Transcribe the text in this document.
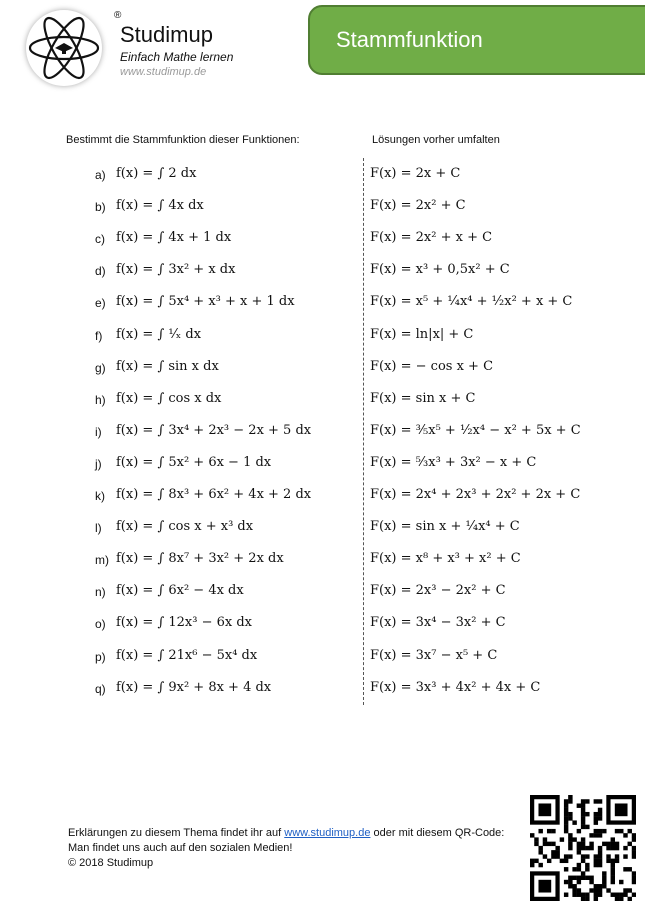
®
Studimup
Einfach Mathe lernen
www.studimup.de
Stammfunktion
Bestimmt die Stammfunktion dieser Funktionen:	Lösungen vorher umfalten
a) f(x) = ∫ 2 dx	F(x) = 2x + C
b) f(x) = ∫ 4x dx	F(x) = 2x² + C
c) f(x) = ∫ 4x + 1 dx	F(x) = 2x² + x + C
d) f(x) = ∫ 3x² + x dx	F(x) = x³ + 0,5x² + C
e) f(x) = ∫ 5x⁴ + x³ + x + 1 dx	F(x) = x⁵ + ¹⁄₄x⁴ + ¹⁄₂x² + x + C
f) f(x) = ∫ ¹⁄ₓ dx	F(x) = ln|x| + C
g) f(x) = ∫ sin x dx	F(x) = − cos x + C
h) f(x) = ∫ cos x dx	F(x) = sin x + C
i) f(x) = ∫ 3x⁴ + 2x³ − 2x + 5 dx	F(x) = ³⁄₅x⁵ + ¹⁄₂x⁴ − x² + 5x + C
j) f(x) = ∫ 5x² + 6x − 1 dx	F(x) = ⁵⁄₃x³ + 3x² − x + C
k) f(x) = ∫ 8x³ + 6x² + 4x + 2 dx	F(x) = 2x⁴ + 2x³ + 2x² + 2x + C
l) f(x) = ∫ cos x + x³ dx	F(x) = sin x + ¹⁄₄x⁴ + C
m) f(x) = ∫ 8x⁷ + 3x² + 2x dx	F(x) = x⁸ + x³ + x² + C
n) f(x) = ∫ 6x² − 4x dx	F(x) = 2x³ − 2x² + C
o) f(x) = ∫ 12x³ − 6x dx	F(x) = 3x⁴ − 3x² + C
p) f(x) = ∫ 21x⁶ − 5x⁴ dx	F(x) = 3x⁷ − x⁵ + C
q) f(x) = ∫ 9x² + 8x + 4 dx	F(x) = 3x³ + 4x² + 4x + C
Erklärungen zu diesem Thema findet ihr auf www.studimup.de oder mit diesem QR-Code:
Man findet uns auch auf den sozialen Medien!
© 2018 Studimup
